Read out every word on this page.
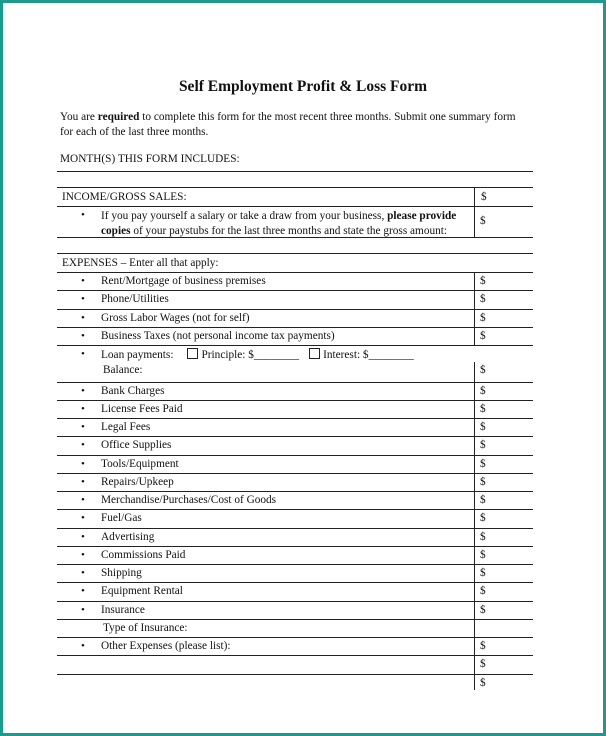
Self Employment Profit & Loss Form
You are required to complete this form for the most recent three months. Submit one summary form for each of the last three months.
MONTH(S) THIS FORM INCLUDES:
INCOME/GROSS SALES:	$
• If you pay yourself a salary or take a draw from your business, please provide
copies of your paystubs for the last three months and state the gross amount:
$
EXPENSES – Enter all that apply:
• Rent/Mortgage of business premises	$
• Phone/Utilities	$
• Gross Labor Wages (not for self)	$
• Business Taxes (not personal income tax payments)	$
• Loan payments: Principle: $________ Interest: $________
Balance:	$
• Bank Charges	$
• License Fees Paid	$
• Legal Fees	$
• Office Supplies	$
• Tools/Equipment	$
• Repairs/Upkeep	$
• Merchandise/Purchases/Cost of Goods	$
• Fuel/Gas	$
• Advertising	$
• Commissions Paid	$
• Shipping	$
• Equipment Rental	$
• Insurance	$
Type of Insurance:
• Other Expenses (please list):	$
$
$
